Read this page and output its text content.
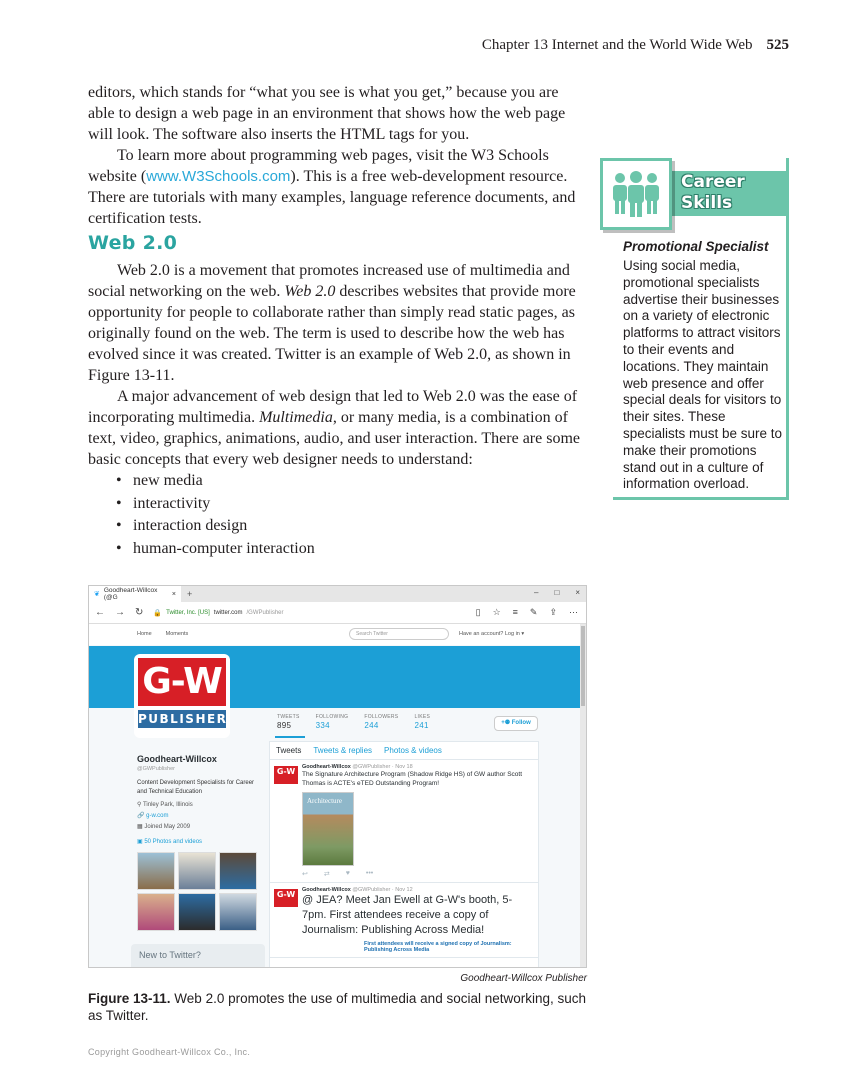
Chapter 13 Internet and the World Wide Web 525

editors, which stands for “what you see is what you get,” because you are able to design a web page in an environment that shows how the web page will look. The software also inserts the HTML tags for you.

To learn more about programming web pages, visit the W3 Schools website (www.W3Schools.com). This is a free web-development resource. There are tutorials with many examples, language reference documents, and certification tests.

Web 2.0

Web 2.0 is a movement that promotes increased use of multimedia and social networking on the web. Web 2.0 describes websites that provide more opportunity for people to collaborate rather than simply read static pages, as originally found on the web. The term is used to describe how the web has evolved since it was created. Twitter is an example of Web 2.0, as shown in Figure 13-11.

A major advancement of web design that led to Web 2.0 was the ease of incorporating multimedia. Multimedia, or many media, is a combination of text, video, graphics, animations, audio, and user interaction. There are some basic concepts that every web designer needs to understand:

• new media
• interactivity
• interaction design
• human-computer interaction
Career
Skills
Promotional Specialist
Using social media, promotional specialists advertise their businesses on a variety of electronic platforms to attract visitors to their events and locations. They maintain web presence and offer special deals for visitors to their sites. These specialists must be sure to make their promotions stand out in a culture of information overload.
❦
Goodheart-Willcox (@G	× +	– □ ×
← → ↻ 🔒 Twitter, Inc. [US] twitter.com /GWPublisher	▯ ☆ ≡ ✎ ⇪ ⋯
Home	Moments	Search Twitter	Have an account? Log in ▾
G-W
PUBLISHER	TWEETS
895
FOLLOWING
334
FOLLOWERS
244
LIKES
241	+⚉ Follow
Goodheart-Willcox
@GWPublisher
Content Development Specialists for Career and Technical Education
⚲ Tinley Park, Illinois
🔗 g-w.com
▦ Joined May 2009
▣ 50 Photos and videos
New to Twitter?
Tweets Tweets & replies Photos & videos
G-W	Goodheart-Willcox @GWPublisher · Nov 18
The Signature Architecture Program (Shadow Ridge HS) of GW author Scott Thomas is ACTE's eTED Outstanding Program!
Architecture
↩ ⇄ ♥ •••
G-W	Goodheart-Willcox @GWPublisher · Nov 12
@ JEA? Meet Jan Ewell at G-W's booth, 5-7pm. First attendees receive a copy of Journalism: Publishing Across Media!
First attendees will receive a signed copy of Journalism: Publishing Across Media
Goodheart-Willcox Publisher
Figure 13-11. Web 2.0 promotes the use of multimedia and social networking, such as Twitter.
Copyright Goodheart-Willcox Co., Inc.
